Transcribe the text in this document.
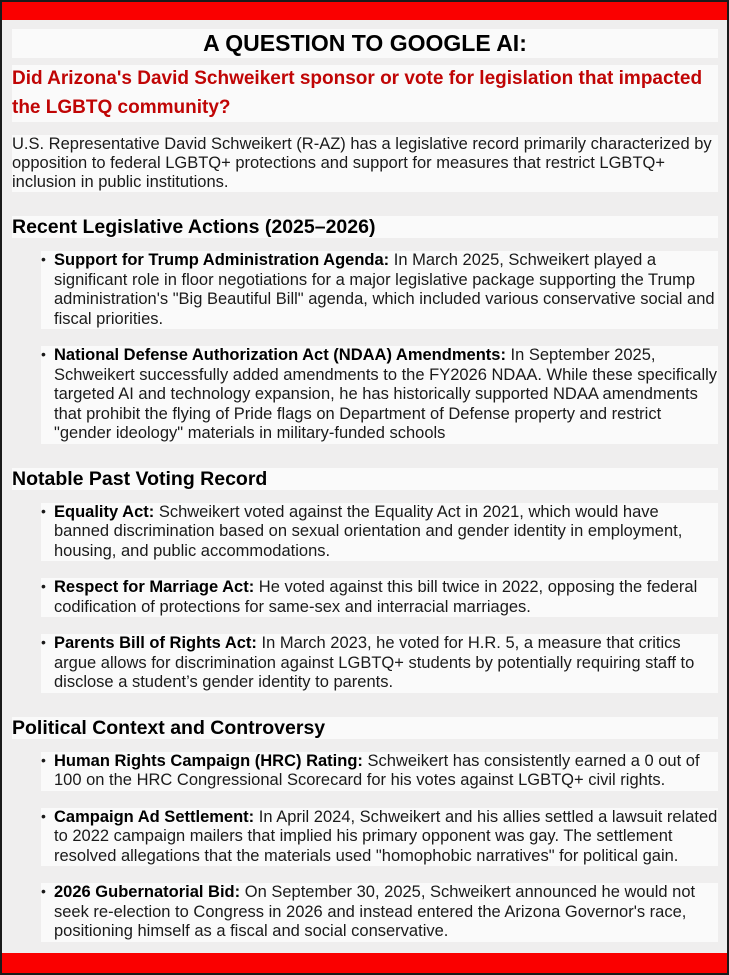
A QUESTION TO GOOGLE AI:
Did Arizona's David Schweikert sponsor or vote for legislation that impacted the LGBTQ community?

U.S. Representative David Schweikert (R-AZ) has a legislative record primarily characterized by opposition to federal LGBTQ+ protections and support for measures that restrict LGBTQ+ inclusion in public institutions.

Recent Legislative Actions (2025–2026)
• Support for Trump Administration Agenda: In March 2025, Schweikert played a significant role in floor negotiations for a major legislative package supporting the Trump administration's "Big Beautiful Bill" agenda, which included various conservative social and fiscal priorities.
• National Defense Authorization Act (NDAA) Amendments: In September 2025, Schweikert successfully added amendments to the FY2026 NDAA. While these specifically targeted AI and technology expansion, he has historically supported NDAA amendments that prohibit the flying of Pride flags on Department of Defense property and restrict "gender ideology" materials in military-funded schools
Notable Past Voting Record
• Equality Act: Schweikert voted against the Equality Act in 2021, which would have banned discrimination based on sexual orientation and gender identity in employment, housing, and public accommodations.
• Respect for Marriage Act: He voted against this bill twice in 2022, opposing the federal codification of protections for same-sex and interracial marriages.
• Parents Bill of Rights Act: In March 2023, he voted for H.R. 5, a measure that critics argue allows for discrimination against LGBTQ+ students by potentially requiring staff to disclose a student’s gender identity to parents.
Political Context and Controversy
• Human Rights Campaign (HRC) Rating: Schweikert has consistently earned a 0 out of 100 on the HRC Congressional Scorecard for his votes against LGBTQ+ civil rights.
• Campaign Ad Settlement: In April 2024, Schweikert and his allies settled a lawsuit related to 2022 campaign mailers that implied his primary opponent was gay. The settlement resolved allegations that the materials used "homophobic narratives" for political gain.
• 2026 Gubernatorial Bid: On September 30, 2025, Schweikert announced he would not seek re-election to Congress in 2026 and instead entered the Arizona Governor's race, positioning himself as a fiscal and social conservative.
